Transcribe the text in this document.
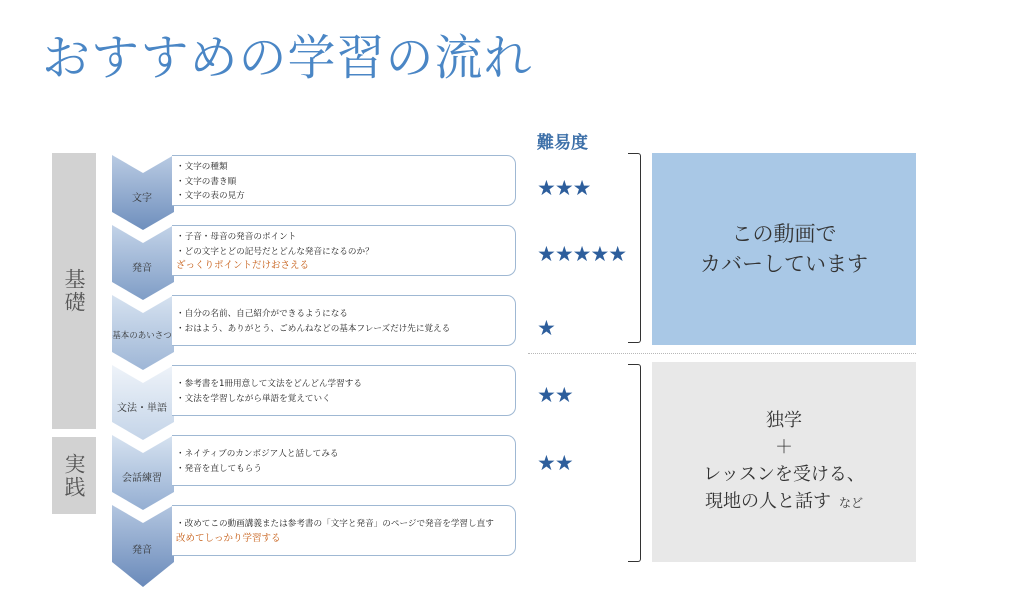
おすすめの学習の流れ
難易度
基礎
実践
文字
発音
基本のあいさつ
文法・単語
会話練習
発音
・文字の種類
・文字の書き順
・文字の表の見方
・子音・母音の発音のポイント
・どの文字とどの記号だとどんな発音になるのか？
ざっくりポイントだけおさえる
・自分の名前、自己紹介ができるようになる
・おはよう、ありがとう、ごめんねなどの基本フレーズだけ先に覚える
・参考書を1冊用意して文法をどんどん学習する
・文法を学習しながら単語を覚えていく
・ネイティブのカンボジア人と話してみる
・発音を直してもらう
・改めてこの動画講義または参考書の「文字と発音」のページで発音を学習し直す
改めてしっかり学習する
★★★
★★★★★
★
★★
★★
この動画で
カバーしています
独学
＋
レッスンを受ける、
現地の人と話す など
